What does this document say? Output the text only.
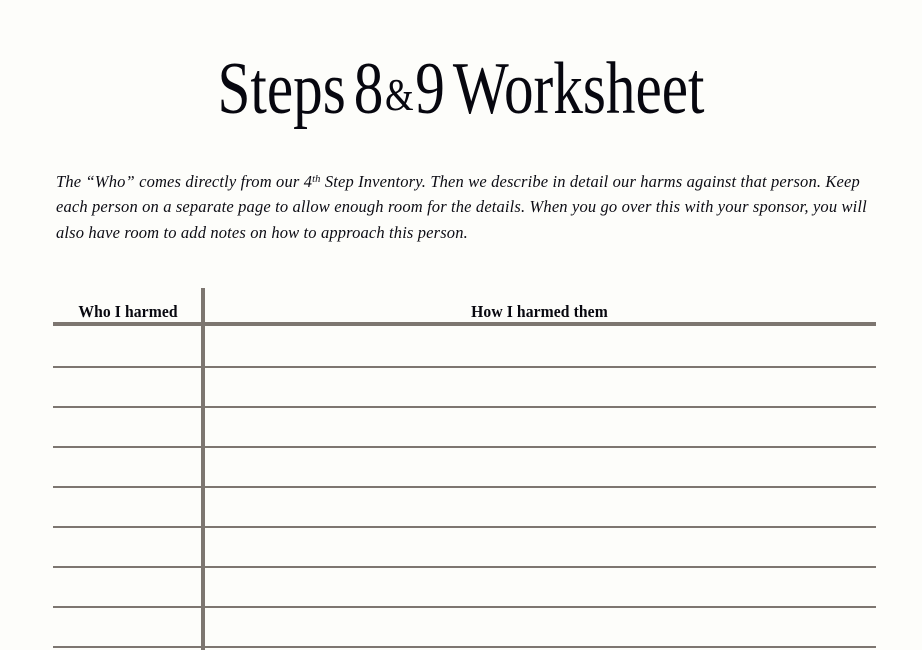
Steps 8&9 Worksheet

The “Who” comes directly from our 4th Step Inventory. Then we describe in detail our harms against that person. Keep each person on a separate page to allow enough room for the details. When you go over this with your sponsor, you will also have room to add notes on how to approach this person.

Who I harmed	How I harmed them
